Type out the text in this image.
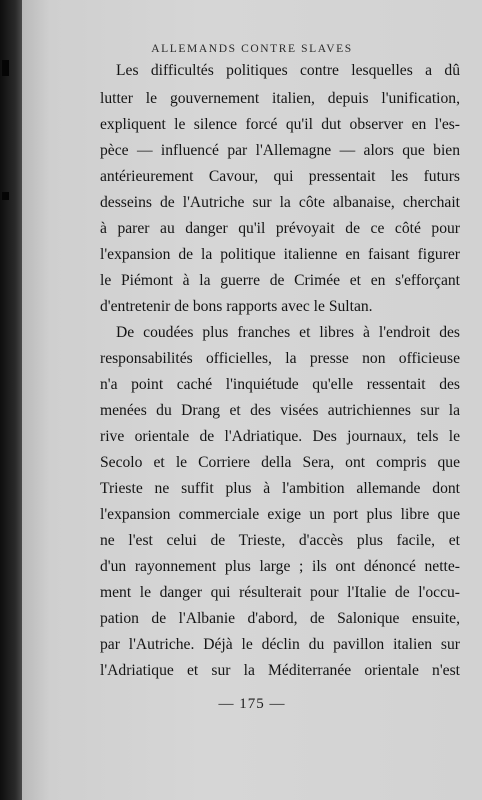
ALLEMANDS CONTRE SLAVES
Les difficultés politiques contre lesquelles a dû
lutter le gouvernement italien, depuis l'unification,
expliquent le silence forcé qu'il dut observer en l'es-
pèce — influencé par l'Allemagne — alors que bien
antérieurement Cavour, qui pressentait les futurs
desseins de l'Autriche sur la côte albanaise, cherchait
à parer au danger qu'il prévoyait de ce côté pour
l'expansion de la politique italienne en faisant figurer
le Piémont à la guerre de Crimée et en s'efforçant
d'entretenir de bons rapports avec le Sultan.
De coudées plus franches et libres à l'endroit des
responsabilités officielles, la presse non officieuse
n'a point caché l'inquiétude qu'elle ressentait des
menées du Drang et des visées autrichiennes sur la
rive orientale de l'Adriatique. Des journaux, tels le
Secolo et le Corriere della Sera, ont compris que
Trieste ne suffit plus à l'ambition allemande dont
l'expansion commerciale exige un port plus libre que
ne l'est celui de Trieste, d'accès plus facile, et
d'un rayonnement plus large ; ils ont dénoncé nette-
ment le danger qui résulterait pour l'Italie de l'occu-
pation de l'Albanie d'abord, de Salonique ensuite,
par l'Autriche. Déjà le déclin du pavillon italien sur
l'Adriatique et sur la Méditerranée orientale n'est
— 175 —
